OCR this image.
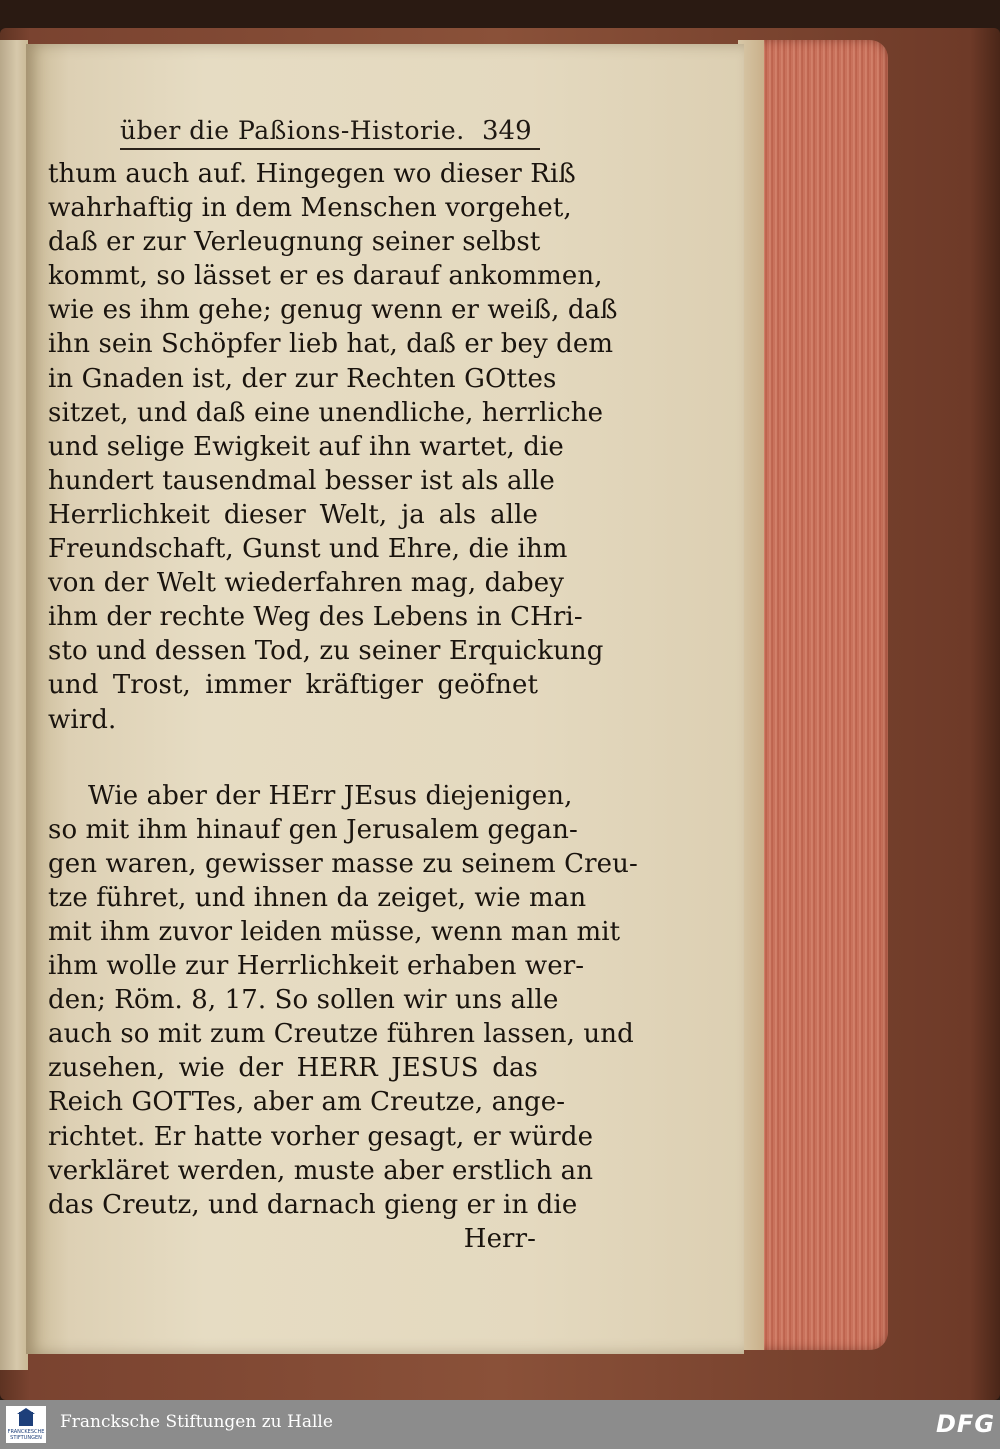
über die Paßions-Historie. 349
thum auch auf. Hingegen wo dieser Riß
wahrhaftig in dem Menschen vorgehet,
daß er zur Verleugnung seiner selbst
kommt, so lässet er es darauf ankommen,
wie es ihm gehe; genug wenn er weiß, daß
ihn sein Schöpfer lieb hat, daß er bey dem
in Gnaden ist, der zur Rechten GOttes
sitzet, und daß eine unendliche, herrliche
und selige Ewigkeit auf ihn wartet, die
hundert tausendmal besser ist als alle
Herrlichkeit dieser Welt, ja als alle
Freundschaft, Gunst und Ehre, die ihm
von der Welt wiederfahren mag, dabey
ihm der rechte Weg des Lebens in CHri-
sto und dessen Tod, zu seiner Erquickung
und Trost, immer kräftiger geöfnet
wird.
Wie aber der HErr JEsus diejenigen,
so mit ihm hinauf gen Jerusalem gegan-
gen waren, gewisser masse zu seinem Creu-
tze führet, und ihnen da zeiget, wie man
mit ihm zuvor leiden müsse, wenn man mit
ihm wolle zur Herrlichkeit erhaben wer-
den; Röm. 8, 17. So sollen wir uns alle
auch so mit zum Creutze führen lassen, und
zusehen, wie der HERR JESUS das
Reich GOTTes, aber am Creutze, ange-
richtet. Er hatte vorher gesagt, er würde
verkläret werden, muste aber erstlich an
das Creutz, und darnach gieng er in die
Herr-
FRANCKESCHE STIFTUNGEN
Francksche Stiftungen zu Halle	DFG
